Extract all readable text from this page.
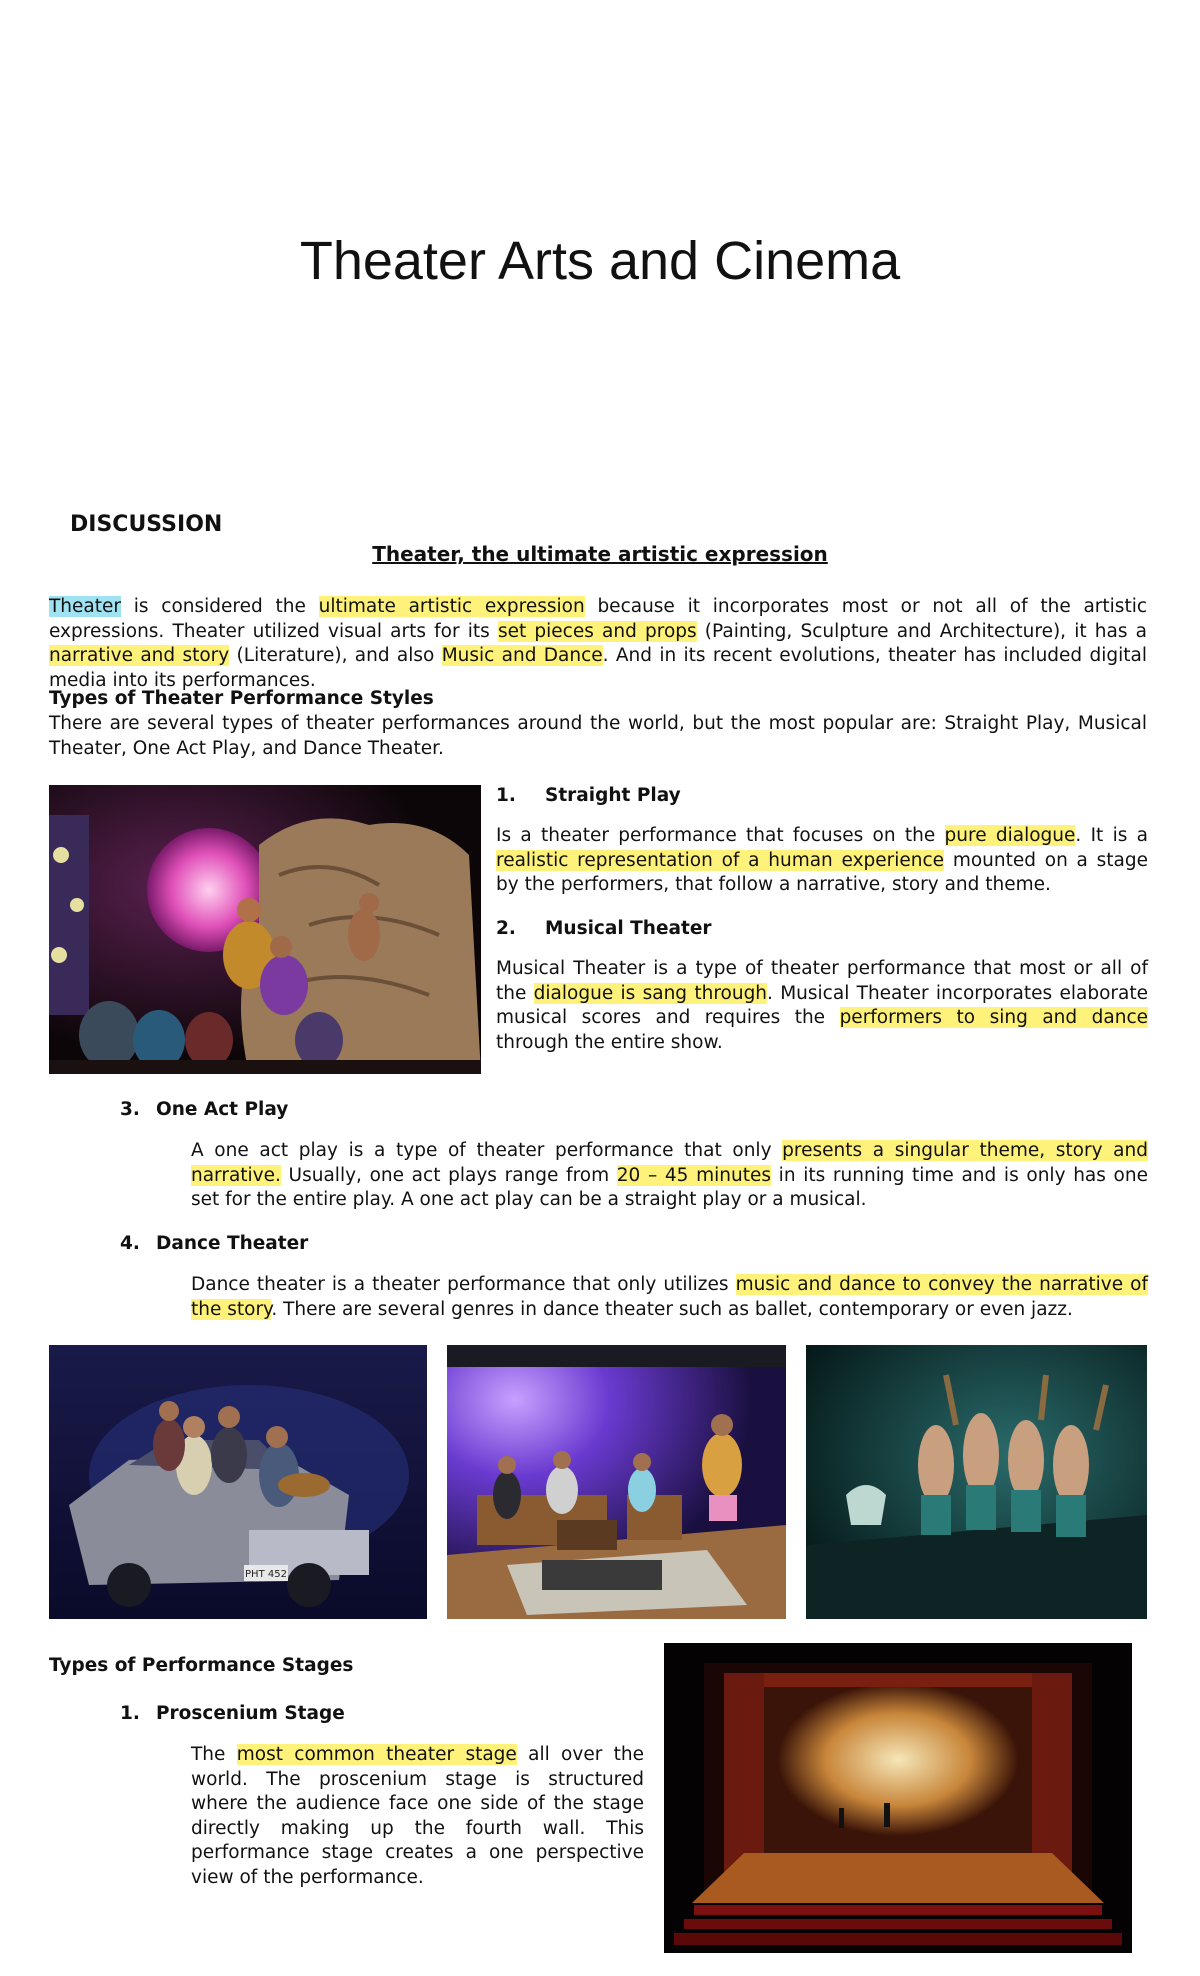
Theater Arts and Cinema
DISCUSSION
Theater, the ultimate artistic expression

Theater is considered the ultimate artistic expression because it incorporates most or not all of the artistic expressions. Theater utilized visual arts for its set pieces and props (Painting, Sculpture and Architecture), it has a narrative and story (Literature), and also Music and Dance. And in its recent evolutions, theater has included digital media into its performances.

Types of Theater Performance Styles

There are several types of theater performances around the world, but the most popular are: Straight Play, Musical Theater, One Act Play, and Dance Theater.

1. Straight Play

Is a theater performance that focuses on the pure dialogue. It is a realistic representation of a human experience mounted on a stage by the performers, that follow a narrative, story and theme.

2. Musical Theater

Musical Theater is a type of theater performance that most or all of the dialogue is sang through. Musical Theater incorporates elaborate musical scores and requires the performers to sing and dance through the entire show.

3. One Act Play

A one act play is a type of theater performance that only presents a singular theme, story and narrative. Usually, one act plays range from 20 – 45 minutes in its running time and is only has one set for the entire play. A one act play can be a straight play or a musical.

4. Dance Theater

Dance theater is a theater performance that only utilizes music and dance to convey the narrative of the story. There are several genres in dance theater such as ballet, contemporary or even jazz.

PHT 452
Types of Performance Stages
1. Proscenium Stage

The most common theater stage all over the world. The proscenium stage is structured where the audience face one side of the stage directly making up the fourth wall. This performance stage creates a one perspective view of the performance.
